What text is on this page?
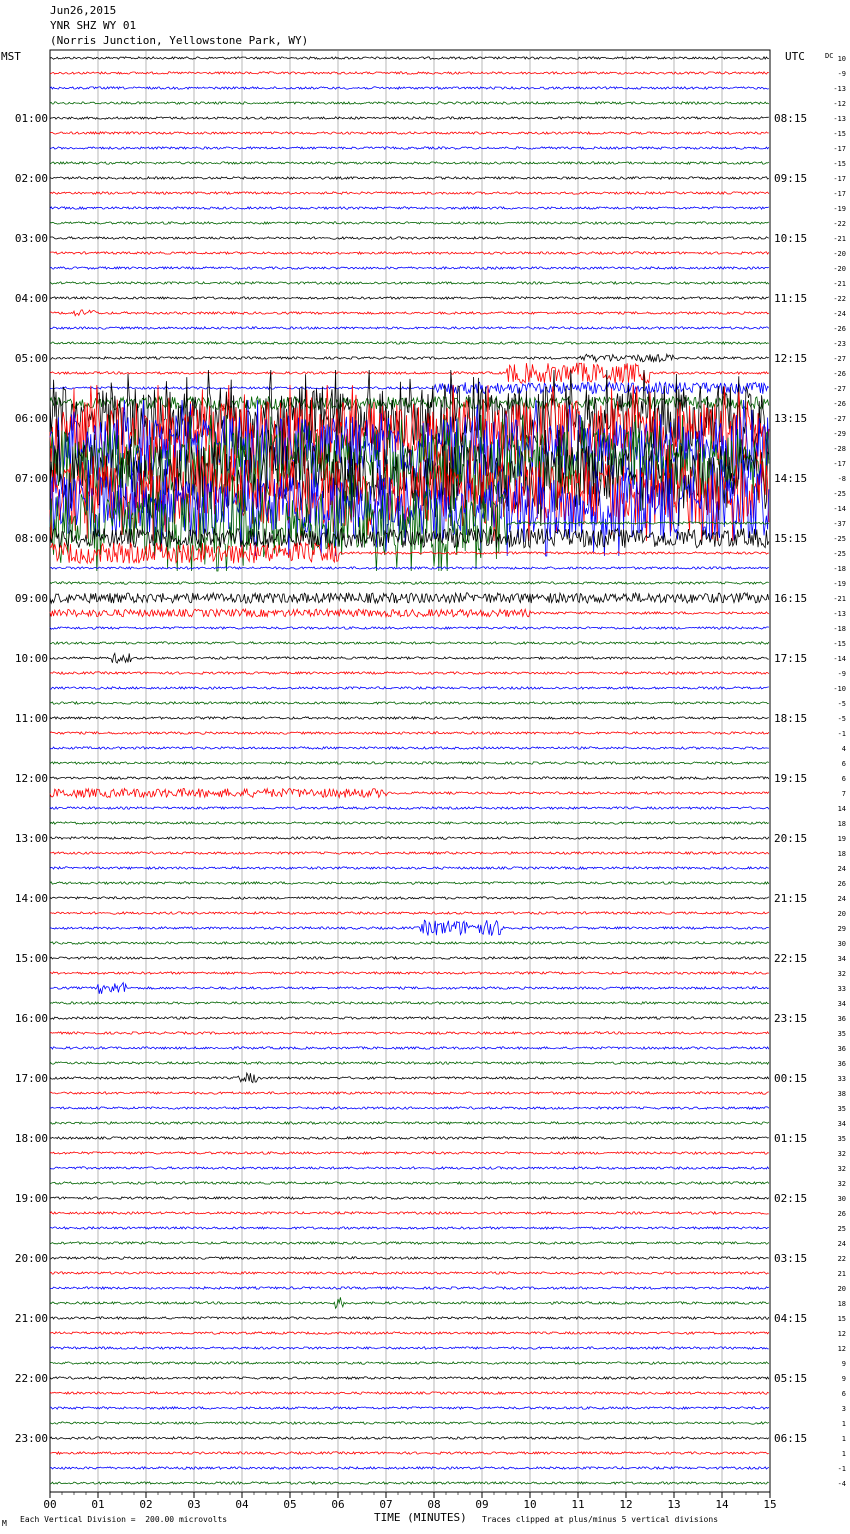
Jun26,2015
YNR SHZ WY 01
(Norris Junction, Yellowstone Park, WY)
10
-9
-13
-12
-13
-15
-17
-15
-17
-17
-19
-22
-21
-20
-20
-21
-22
-24
-26
-23
-27
-26
-27
-26
-27
-29
-28
-17
-8
-25
-14
-37
-25
-25
-18
-19
-21
-13
-18
-15
-14
-9
-10
-5
-5
-1
4
6
6
7
14
18
19
18
24
26
24
20
29
30
34
32
33
34
36
35
36
36
33
38
35
34
35
32
32
32
30
26
25
24
22
21
20
18
15
12
12
9
9
6
3
1
1
1
-1
-4
MST	UTC	DC
01:00
02:00
03:00
04:00
05:00
06:00
07:00
08:00
09:00
10:00
11:00
12:00
13:00
14:00
15:00
16:00
17:00
18:00
19:00
20:00
21:00
22:00
23:00
08:15
09:15
10:15
11:15
12:15
13:15
14:15
15:15
16:15
17:15
18:15
19:15
20:15
21:15
22:15
23:15
00:15
01:15
02:15
03:15
04:15
05:15
06:15
00	01	02	03	04	05	06	07	08	09	10	11	12	13	14	15
M Each Vertical Division =  200.00 microvolts	TIME (MINUTES) Traces clipped at plus/minus 5 vertical divisions
